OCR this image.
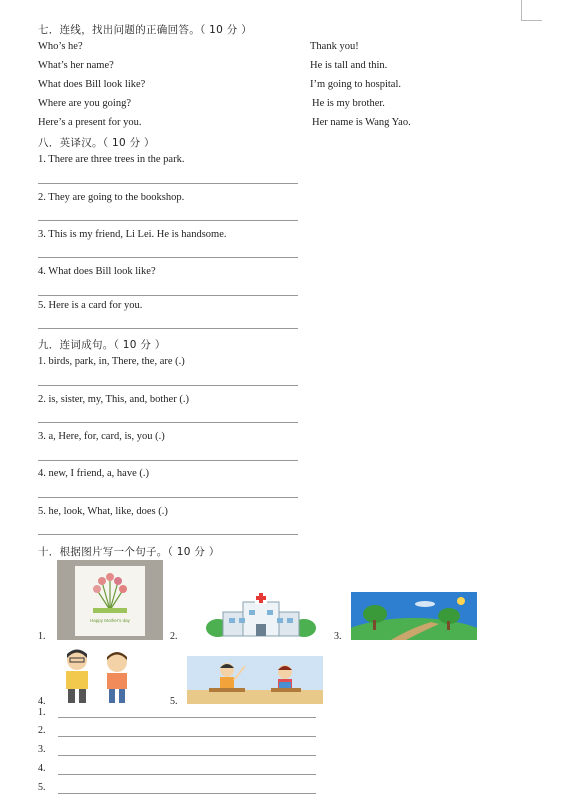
七．连线，找出问题的正确回答。（ 10 分 ）
Who’s he?
What’s her name?
What does Bill look like?
Where are you going?
Here’s a present for you.
Thank you!
He is tall and thin.
I’m going to hospital.
He is my brother.
Her name is Wang Yao.
八．英译汉。（ 10 分 ）
1. There are three trees in the park.
2. They are going to the bookshop.
3. This is my friend, Li Lei. He is handsome.
4. What does Bill look like?
5. Here is a card for you.
九．连词成句。（ 10 分 ）
1. birds, park, in, There, the, are (.)
2. is, sister, my, This, and, bother (.)
3. a, Here, for, card, is, you (.)
4. new, I friend, a, have (.)
5. he, look, What, like, does (.)
十．根据图片写一个句子。（ 10 分 ）
1.
Happy Mother's day
2.	3.
4.	5.
1.
2.
3.
4.
5.
